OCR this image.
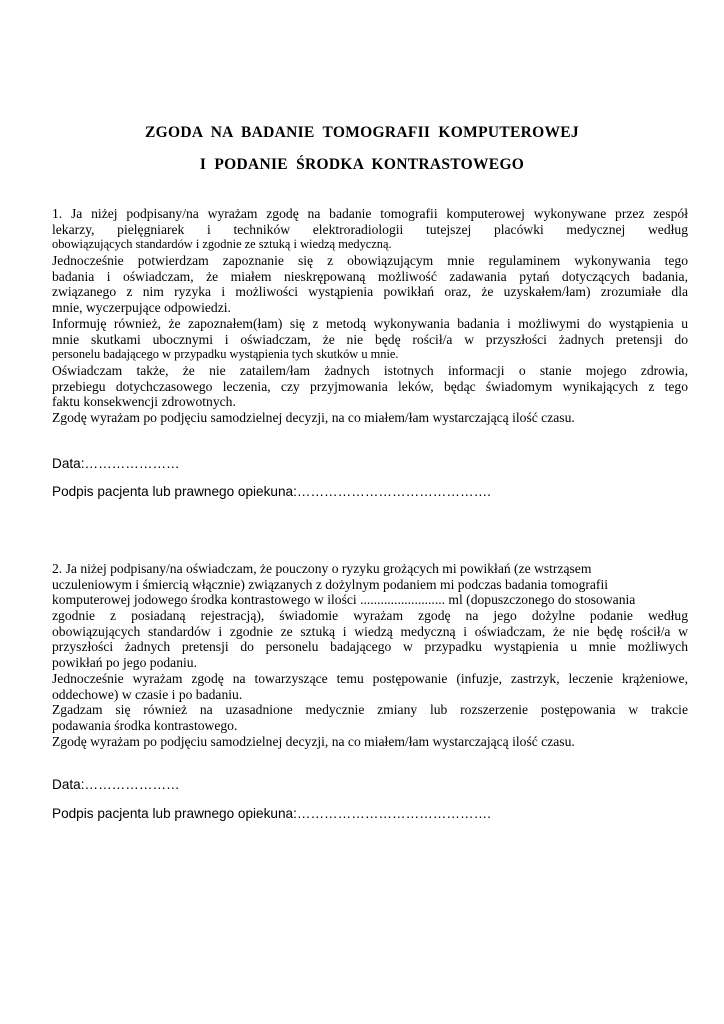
ZGODA NA BADANIE TOMOGRAFII KOMPUTEROWEJ
I PODANIE ŚRODKA KONTRASTOWEGO
1. Ja niżej podpisany/na wyrażam zgodę na badanie tomografii komputerowej wykonywane przez zespół
lekarzy, pielęgniarek i techników elektroradiologii tutejszej placówki medycznej według
obowiązujących standardów i zgodnie ze sztuką i wiedzą medyczną.
Jednocześnie potwierdzam zapoznanie się z obowiązującym mnie regulaminem wykonywania tego
badania i oświadczam, że miałem nieskrępowaną możliwość zadawania pytań dotyczących badania,
związanego z nim ryzyka i możliwości wystąpienia powikłań oraz, że uzyskałem/łam) zrozumiałe dla
mnie, wyczerpujące odpowiedzi.
Informuję również, że zapoznałem(łam) się z metodą wykonywania badania i możliwymi do wystąpienia u
mnie skutkami ubocznymi i oświadczam, że nie będę rościł/a w przyszłości żadnych pretensji do
personelu badającego w przypadku wystąpienia tych skutków u mnie.
Oświadczam także, że nie zatailem/łam żadnych istotnych informacji o stanie mojego zdrowia,
przebiegu dotychczasowego leczenia, czy przyjmowania leków, będąc świadomym wynikających z tego
faktu konsekwencji zdrowotnych.
Zgodę wyrażam po podjęciu samodzielnej decyzji, na co miałem/łam wystarczającą ilość czasu.
Data:…………………
Podpis pacjenta lub prawnego opiekuna:…………………………………….
2. Ja niżej podpisany/na oświadczam, że pouczony o ryzyku grożących mi powikłań (ze wstrząsem
uczuleniowym i śmiercią włącznie) związanych z dożylnym podaniem mi podczas badania tomografii
komputerowej jodowego środka kontrastowego w ilości ......................... ml (dopuszczonego do stosowania
zgodnie z posiadaną rejestracją), świadomie wyrażam zgodę na jego dożylne podanie według
obowiązujących standardów i zgodnie ze sztuką i wiedzą medyczną i oświadczam, że nie będę rościł/a w
przyszłości żadnych pretensji do personelu badającego w przypadku wystąpienia u mnie możliwych
powikłań po jego podaniu.
Jednocześnie wyrażam zgodę na towarzyszące temu postępowanie (infuzje, zastrzyk, leczenie krążeniowe,
oddechowe) w czasie i po badaniu.
Zgadzam się również na uzasadnione medycznie zmiany lub rozszerzenie postępowania w trakcie
podawania środka kontrastowego.
Zgodę wyrażam po podjęciu samodzielnej decyzji, na co miałem/łam wystarczającą ilość czasu.
Data:…………………
Podpis pacjenta lub prawnego opiekuna:…………………………………….
